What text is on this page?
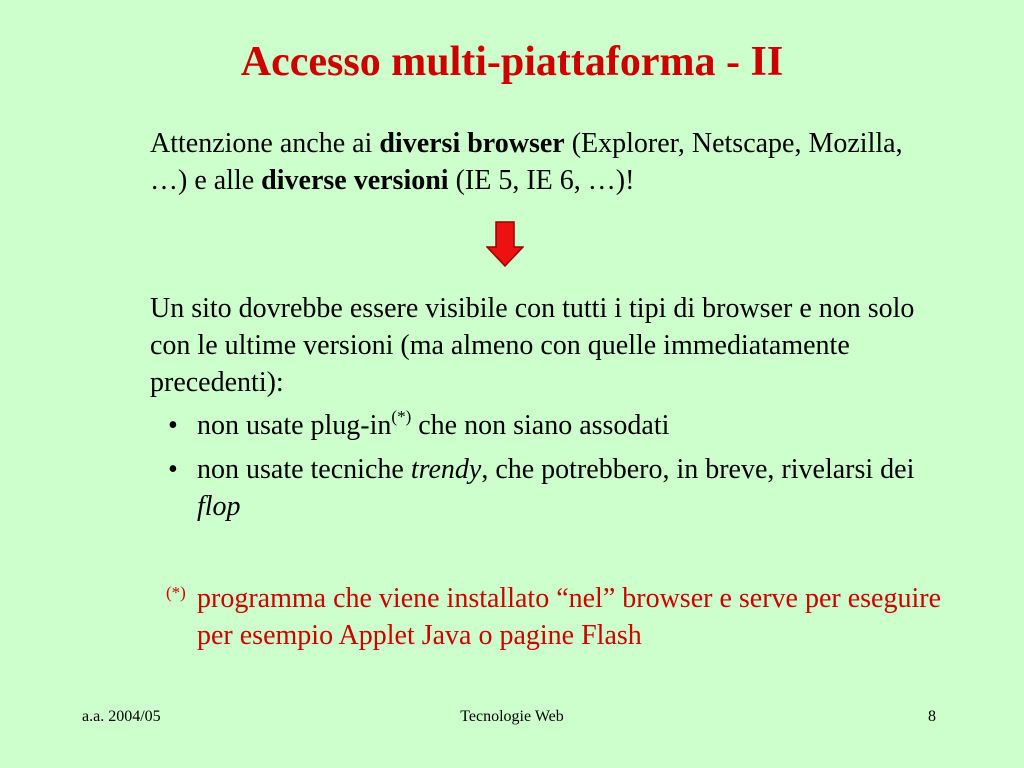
Accesso multi-piattaforma - II

Attenzione anche ai diversi browser (Explorer, Netscape, Mozilla, …) e alle diverse versioni (IE 5, IE 6, …)!

Un sito dovrebbe essere visibile con tutti i tipi di browser e non solo con le ultime versioni (ma almeno con quelle immediatamente precedenti):

• non usate plug-in(*) che non siano assodati
• non usate tecniche trendy, che potrebbero, in breve, rivelarsi dei flop
(*) programma che viene installato “nel” browser e serve per eseguire per esempio Applet Java o pagine Flash
a.a. 2004/05	Tecnologie Web	8
